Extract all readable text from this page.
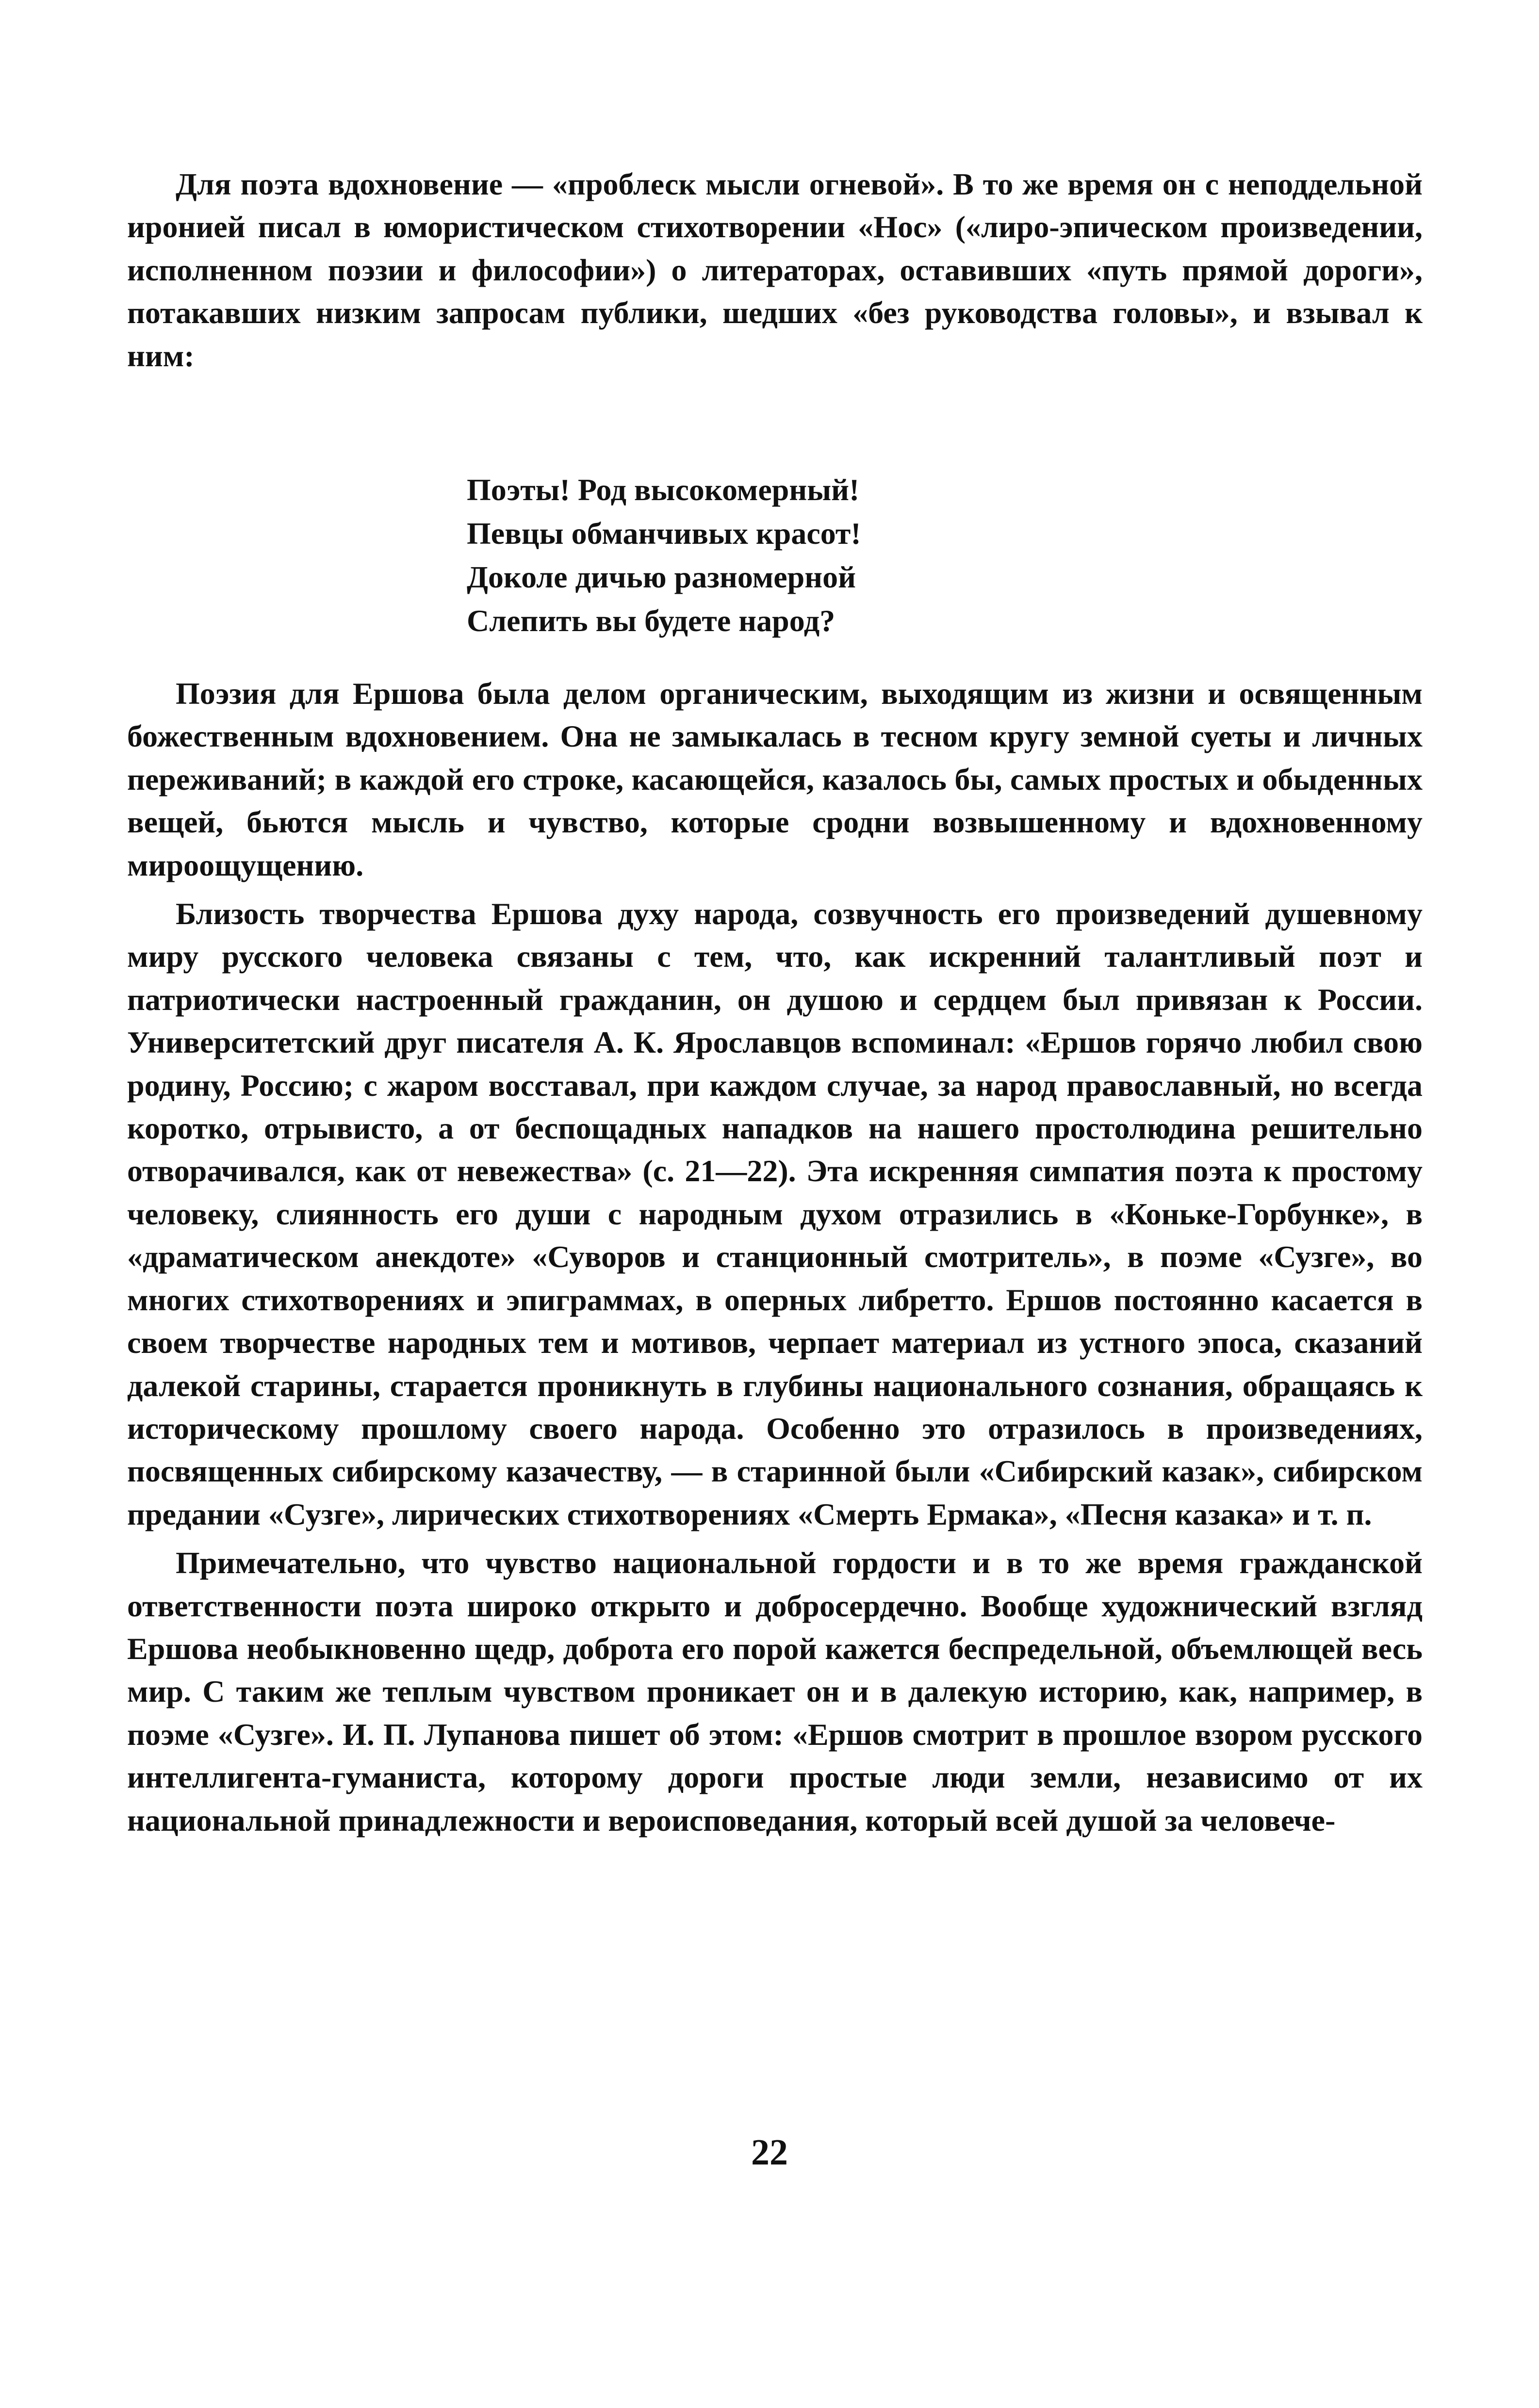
Для поэта вдохновение — «проблеск мысли огневой». В то же время он с неподдельной иронией писал в юмористическом стихотворении «Нос» («лиро-эпическом произведении, исполненном поэзии и философии») о литераторах, оставивших «путь прямой дороги», потакавших низким запросам публики, шедших «без руководства головы», и взывал к ним:

Поэты! Род высокомерный!
Певцы обманчивых красот!
Доколе дичью разномерной
Слепить вы будете народ?

Поэзия для Ершова была делом органическим, выходящим из жизни и освященным божественным вдохновением. Она не замыкалась в тесном кругу земной суеты и личных переживаний; в каждой его строке, касающейся, казалось бы, самых простых и обыденных вещей, бьются мысль и чувство, которые сродни возвышенному и вдохновенному мироощущению.

Близость творчества Ершова духу народа, созвучность его произведений душевному миру русского человека связаны с тем, что, как искренний талантливый поэт и патриотически настроенный гражданин, он душою и сердцем был привязан к России. Университетский друг писателя А. К. Ярославцов вспоминал: «Ершов горячо любил свою родину, Россию; с жаром восставал, при каждом случае, за народ православный, но всегда коротко, отрывисто, а от беспощадных нападков на нашего простолюдина решительно отворачивался, как от невежества» (с. 21—22). Эта искренняя симпатия поэта к простому человеку, слиянность его души с народным духом отразились в «Коньке-Горбунке», в «драматическом анекдоте» «Суворов и станционный смотритель», в поэме «Сузге», во многих стихотворениях и эпиграммах, в оперных либретто. Ершов постоянно касается в своем творчестве народных тем и мотивов, черпает материал из устного эпоса, сказаний далекой старины, старается проникнуть в глубины национального сознания, обращаясь к историческому прошлому своего народа. Особенно это отразилось в произведениях, посвященных сибирскому казачеству, — в старинной были «Сибирский казак», сибирском предании «Сузге», лирических стихотворениях «Смерть Ермака», «Песня казака» и т. п.

Примечательно, что чувство национальной гордости и в то же время гражданской ответственности поэта широко открыто и добросердечно. Вообще художнический взгляд Ершова необыкновенно щедр, доброта его порой кажется беспредельной, объемлющей весь мир. С таким же теплым чувством проникает он и в далекую историю, как, например, в поэме «Сузге». И. П. Лупанова пишет об этом: «Ершов смотрит в прошлое взором русского интеллигента-гуманиста, которому дороги простые люди земли, независимо от их национальной принадлежности и вероисповедания, который всей душой за человече-

22
